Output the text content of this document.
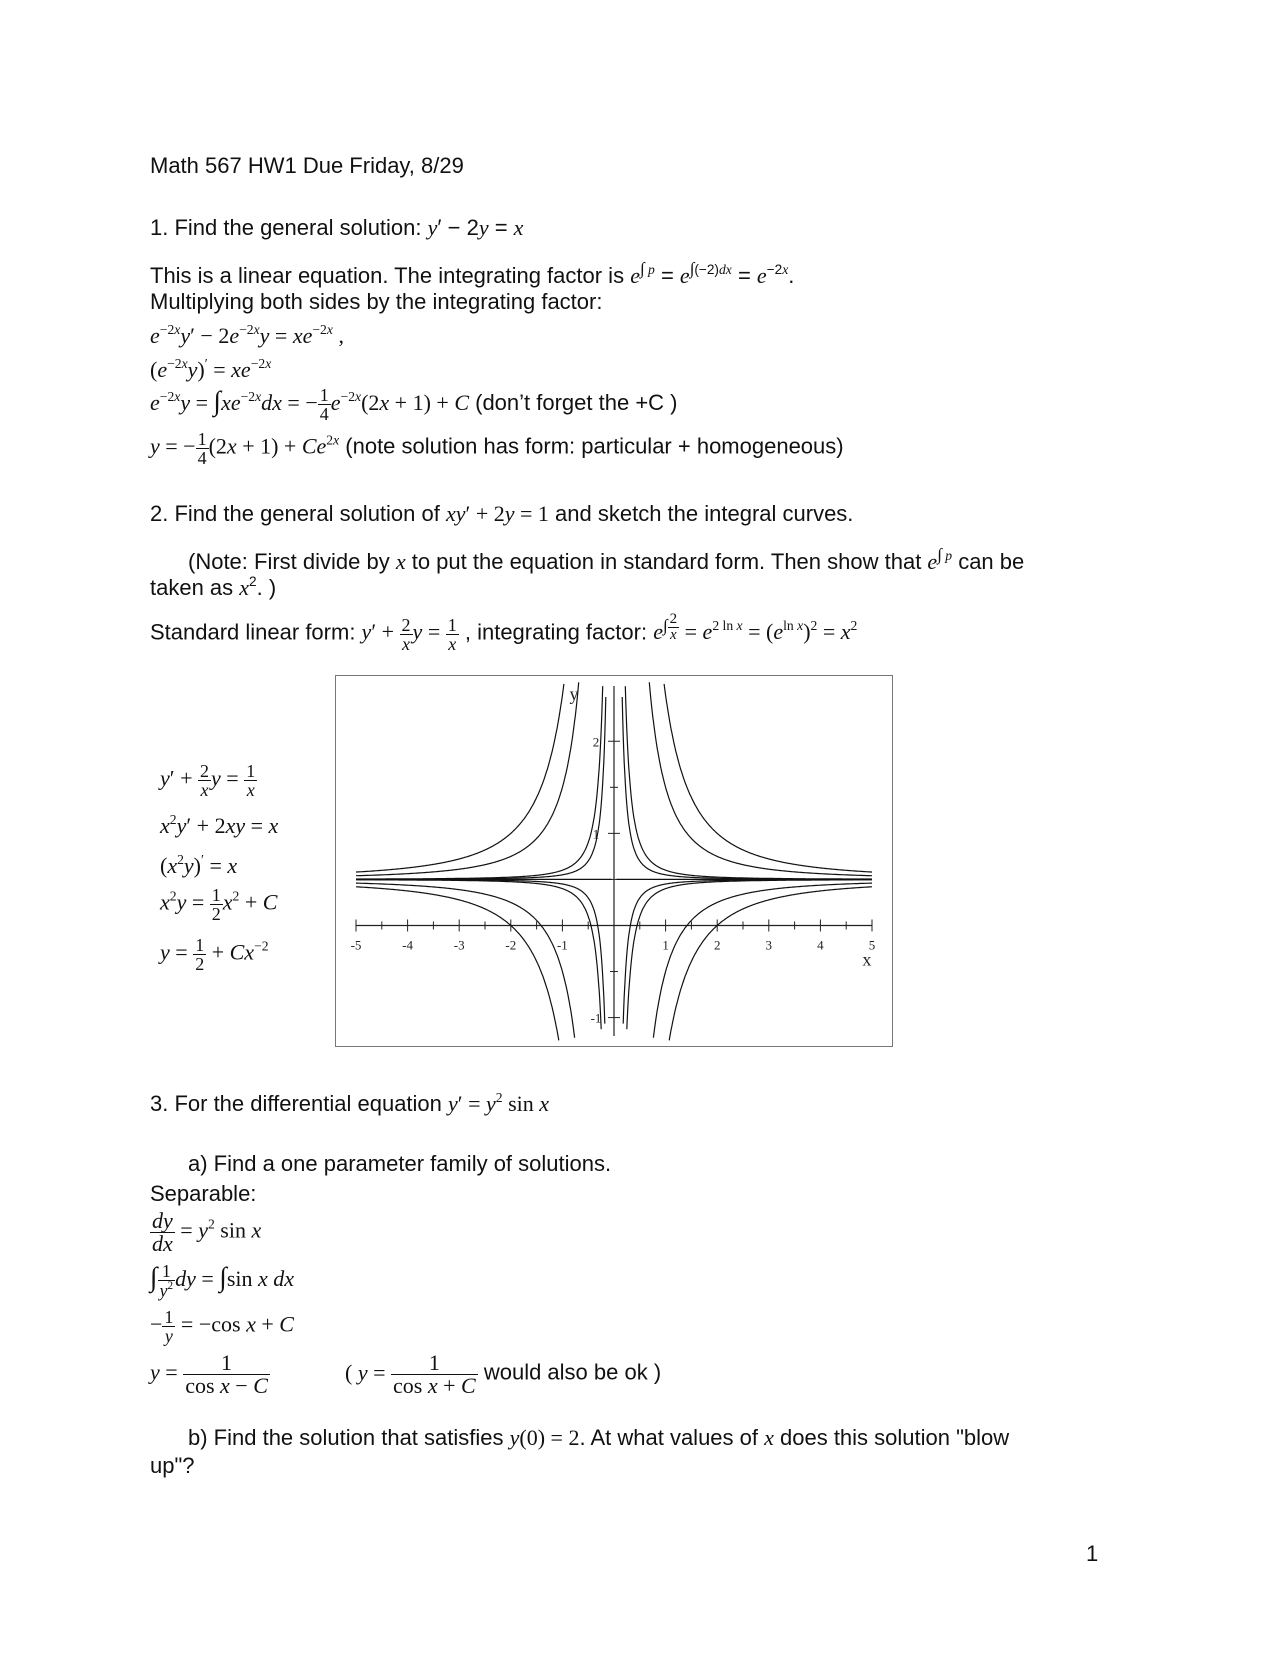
Math 567 HW1 Due Friday, 8/29
1. Find the general solution: y′ − 2y = x
This is a linear equation. The integrating factor is $e^{\int p} = e^{\int(-2)dx} = e^{-2x}$.
Multiplying both sides by the integrating factor:
$e^{-2x}y' - 2e^{-2x}y = xe^{-2x}$ ,
$(e^{-2x}y)' = xe^{-2x}$
$e^{-2x}y = \int xe^{-2x}dx$ = − $\frac{1}{4} e^{-2x}(2x + 1) + C$ (don’t forget the +C )
y = − $\frac{1}{4} (2x + 1) + Ce^{2x}$ (note solution has form: particular + homogeneous)
2. Find the general solution of xy′ + 2y = 1 and sketch the integral curves.
(Note: First divide by x to put the equation in standard form. Then show that $e^{\int p}$ can be
taken as $x^2$. )
Standard linear form: $y' + \frac{2}{x}$ $y = \frac{1}{x}$ , integrating factor: $e^{\int \frac{2}{x}} = e^{2 ln x} = (e^{ln x})^2 = x^2$
$y' + \frac{2}{x}$ $y = \frac{1}{x}$
$x^2y' + 2xy = x$
$(x^2y)' = x$
$x^2y = \frac{1}{2} x^2 + C$
$y = \frac{1}{2} + Cx^{-2}$	-5	-4	-3	-2	-1	1	2	3	4	5
2
1
-1
x
y
3. For the differential equation $y' = y^2$ sin x
a) Find a one parameter family of solutions.
Separable:
$\frac{dy}{dx} = y^2$ sin x
∫ $\frac{1}{y^2}$ dy = ∫sin x dx
− $\frac{1}{y} = -\cos$ x + C
$y = \frac{1}{\text{cos x − C}}$	( $y = \frac{1}{\text{cos x + C}}$ would also be ok )
b) Find the solution that satisfies y(0) = 2. At what values of x does this solution "blow
up"?
1
